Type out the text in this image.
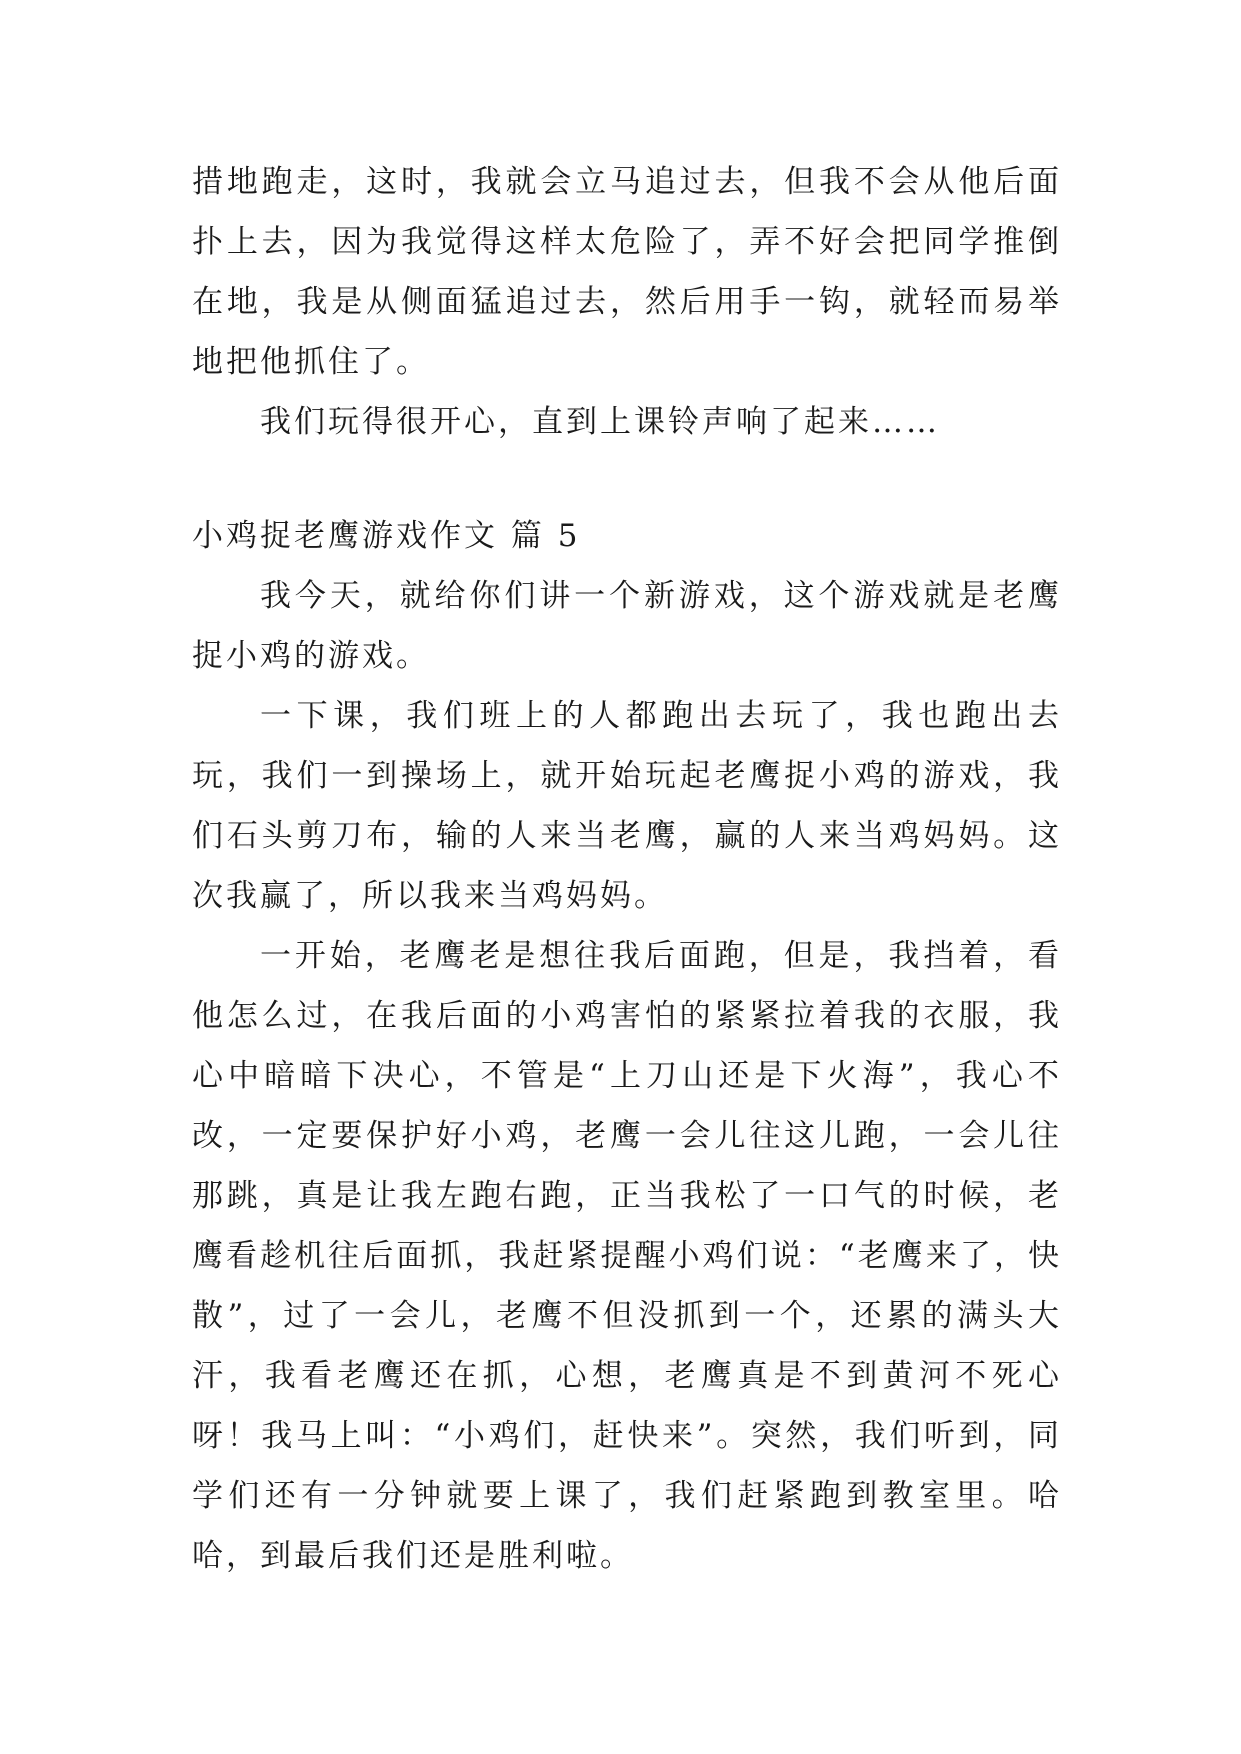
措地跑走，这时，我就会立马追过去，但我不会从他后面扑上去，因为我觉得这样太危险了，弄不好会把同学推倒在地，我是从侧面猛追过去，然后用手一钩，就轻而易举地把他抓住了。

我们玩得很开心，直到上课铃声响了起来……

小鸡捉老鹰游戏作文 篇 5

我今天，就给你们讲一个新游戏，这个游戏就是老鹰捉小鸡的游戏。

一下课，我们班上的人都跑出去玩了，我也跑出去玩，我们一到操场上，就开始玩起老鹰捉小鸡的游戏，我们石头剪刀布，输的人来当老鹰，赢的人来当鸡妈妈。这次我赢了，所以我来当鸡妈妈。

一开始，老鹰老是想往我后面跑，但是，我挡着，看他怎么过，在我后面的小鸡害怕的紧紧拉着我的衣服，我心中暗暗下决心，不管是“上刀山还是下火海”，我心不改，一定要保护好小鸡，老鹰一会儿往这儿跑，一会儿往那跳，真是让我左跑右跑，正当我松了一口气的时候，老鹰看趁机往后面抓，我赶紧提醒小鸡们说：“老鹰来了，快散”，过了一会儿，老鹰不但没抓到一个，还累的满头大汗，我看老鹰还在抓，心想，老鹰真是不到黄河不死心呀！我马上叫：“小鸡们，赶快来”。突然，我们听到，同学们还有一分钟就要上课了，我们赶紧跑到教室里。哈哈，到最后我们还是胜利啦。
